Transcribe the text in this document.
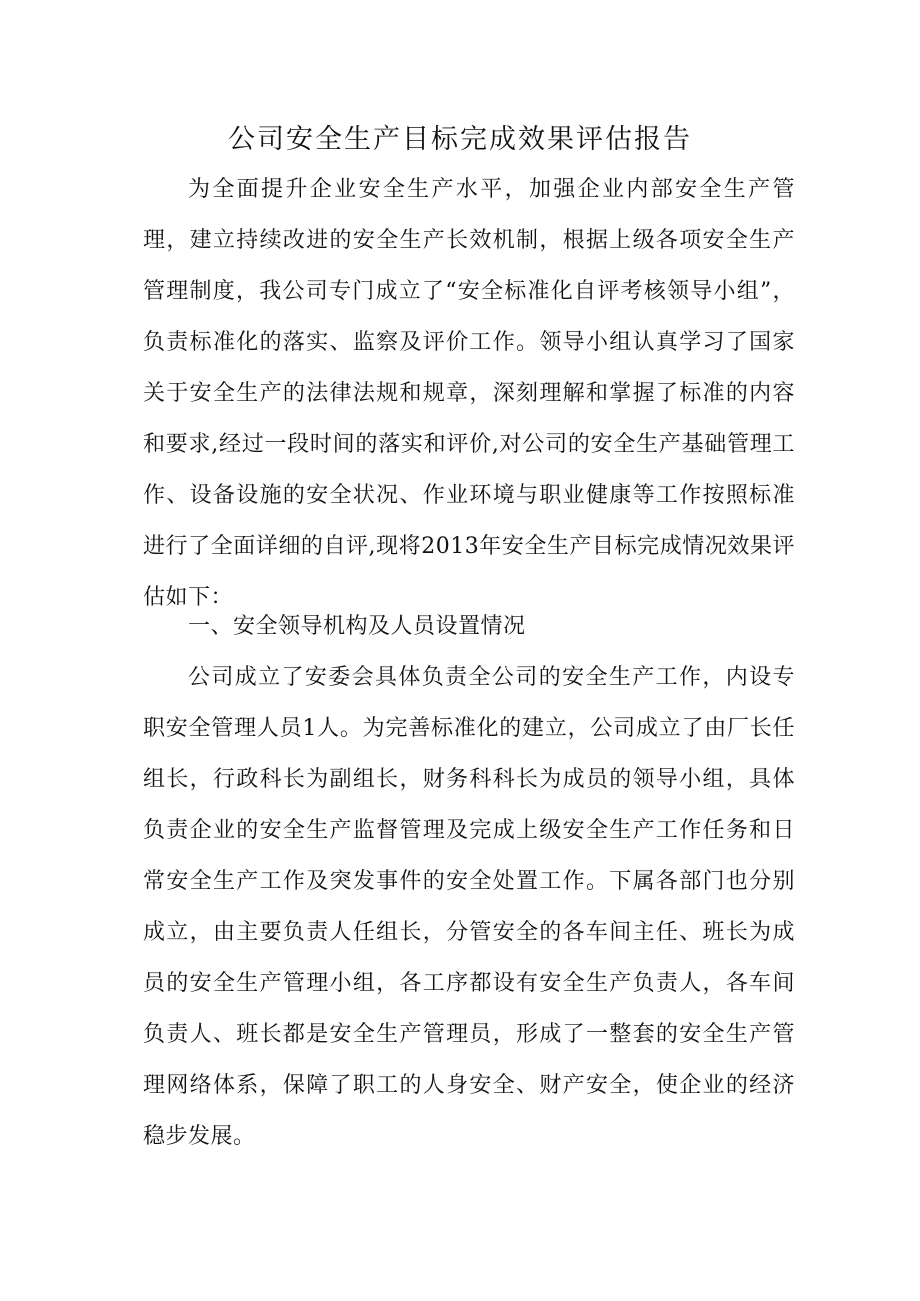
公司安全生产目标完成效果评估报告

为全面提升企业安全生产水平，加强企业内部安全生产管理，建立持续改进的安全生产长效机制，根据上级各项安全生产管理制度，我公司专门成立了“安全标准化自评考核领导小组”，负责标准化的落实、监察及评价工作。领导小组认真学习了国家关于安全生产的法律法规和规章，深刻理解和掌握了标准的内容和要求,经过一段时间的落实和评价,对公司的安全生产基础管理工作、设备设施的安全状况、作业环境与职业健康等工作按照标准进行了全面详细的自评,现将2013年安全生产目标完成情况效果评估如下：

一、安全领导机构及人员设置情况

公司成立了安委会具体负责全公司的安全生产工作，内设专职安全管理人员1人。为完善标准化的建立，公司成立了由厂长任组长，行政科长为副组长，财务科科长为成员的领导小组，具体负责企业的安全生产监督管理及完成上级安全生产工作任务和日常安全生产工作及突发事件的安全处置工作。下属各部门也分别成立，由主要负责人任组长，分管安全的各车间主任、班长为成员的安全生产管理小组，各工序都设有安全生产负责人，各车间负责人、班长都是安全生产管理员，形成了一整套的安全生产管理网络体系，保障了职工的人身安全、财产安全，使企业的经济稳步发展。
